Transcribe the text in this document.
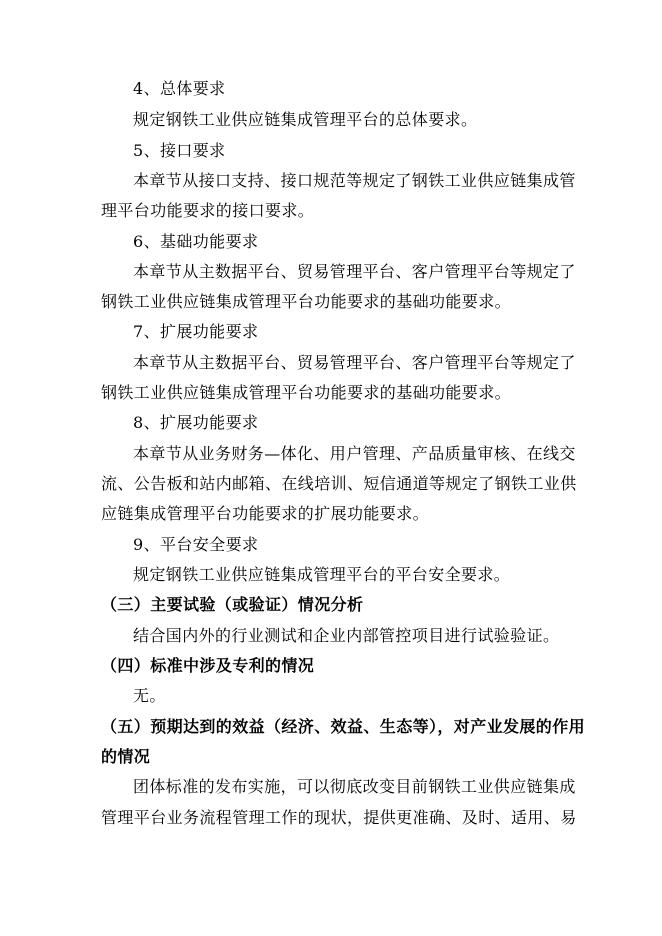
4、总体要求
规定钢铁工业供应链集成管理平台的总体要求。
5、接口要求
本章节从接口支持、接口规范等规定了钢铁工业供应链集成管
理平台功能要求的接口要求。
6、基础功能要求
本章节从主数据平台、贸易管理平台、客户管理平台等规定了
钢铁工业供应链集成管理平台功能要求的基础功能要求。
7、扩展功能要求
本章节从主数据平台、贸易管理平台、客户管理平台等规定了
钢铁工业供应链集成管理平台功能要求的基础功能要求。
8、扩展功能要求
本章节从业务财务—体化、用户管理、产品质量审核、在线交
流、公告板和站内邮箱、在线培训、短信通道等规定了钢铁工业供
应链集成管理平台功能要求的扩展功能要求。
9、平台安全要求
规定钢铁工业供应链集成管理平台的平台安全要求。
（三）主要试验（或验证）情况分析
结合国内外的行业测试和企业内部管控项目进行试验验证。
（四）标准中涉及专利的情况
无。
（五）预期达到的效益（经济、效益、生态等），对产业发展的作用
的情况
团体标准的发布实施，可以彻底改变目前钢铁工业供应链集成
管理平台业务流程管理工作的现状，提供更准确、及时、适用、易
